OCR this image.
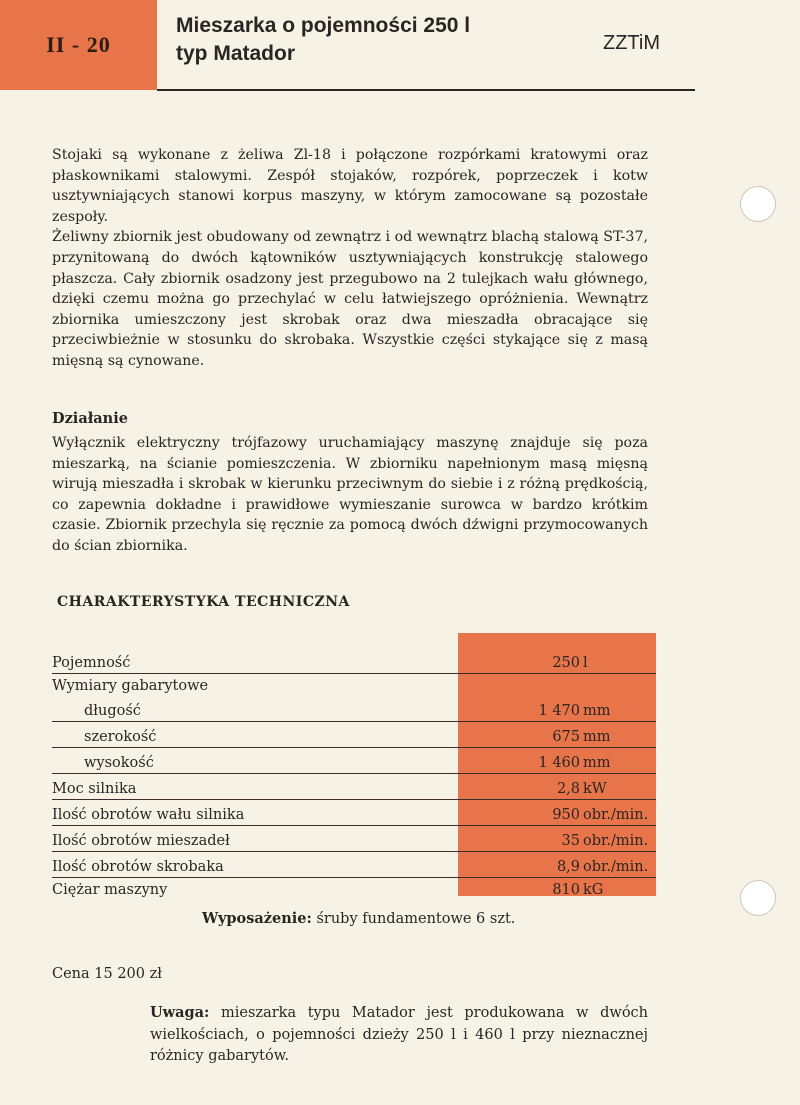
II - 20
Mieszarka o pojemności 250 l
typ Matador	ZZTiM

Stojaki są wykonane z żeliwa Zl-18 i połączone rozpórkami kratowymi oraz płaskownikami stalowymi. Zespół stojaków, rozpórek, poprzeczek i kotw usztywniających stanowi korpus maszyny, w którym zamocowane są pozostałe zespoły.

Żeliwny zbiornik jest obudowany od zewnątrz i od wewnątrz blachą stalową ST-37, przynitowaną do dwóch kątowników usztywniających konstrukcję stalowego płaszcza. Cały zbiornik osadzony jest przegubowo na 2 tulejkach wału głównego, dzięki czemu można go przechylać w celu łatwiejszego opróżnienia. Wewnątrz zbiornika umieszczony jest skrobak oraz dwa mieszadła obracające się przeciwbieżnie w stosunku do skrobaka. Wszystkie części stykające się z masą mięsną są cynowane.

Działanie

Wyłącznik elektryczny trójfazowy uruchamiający maszynę znajduje się poza mieszarką, na ścianie pomieszczenia. W zbiorniku napełnionym masą mięsną wirują mieszadła i skrobak w kierunku przeciwnym do siebie i z różną prędkością, co zapewnia dokładne i prawidłowe wymieszanie surowca w bardzo krótkim czasie. Zbiornik przechyla się ręcznie za pomocą dwóch dźwigni przymocowanych do ścian zbiornika.

CHARAKTERYSTYKA TECHNICZNA
Pojemność	250 l
Wymiary gabarytowe
długość	1 470 mm
szerokość	675 mm
wysokość	1 460 mm
Moc silnika	2,8 kW
Ilość obrotów wału silnika	950 obr./min.
Ilość obrotów mieszadeł	35 obr./min.
Ilość obrotów skrobaka	8,9 obr./min.
Ciężar maszyny	810 kG
Wyposażenie: śruby fundamentowe 6 szt.
Cena 15 200 zł
Uwaga: mieszarka typu Matador jest produkowana w dwóch wielkościach, o pojemności dzieży 250 l i 460 l przy nieznacznej różnicy gabarytów.
